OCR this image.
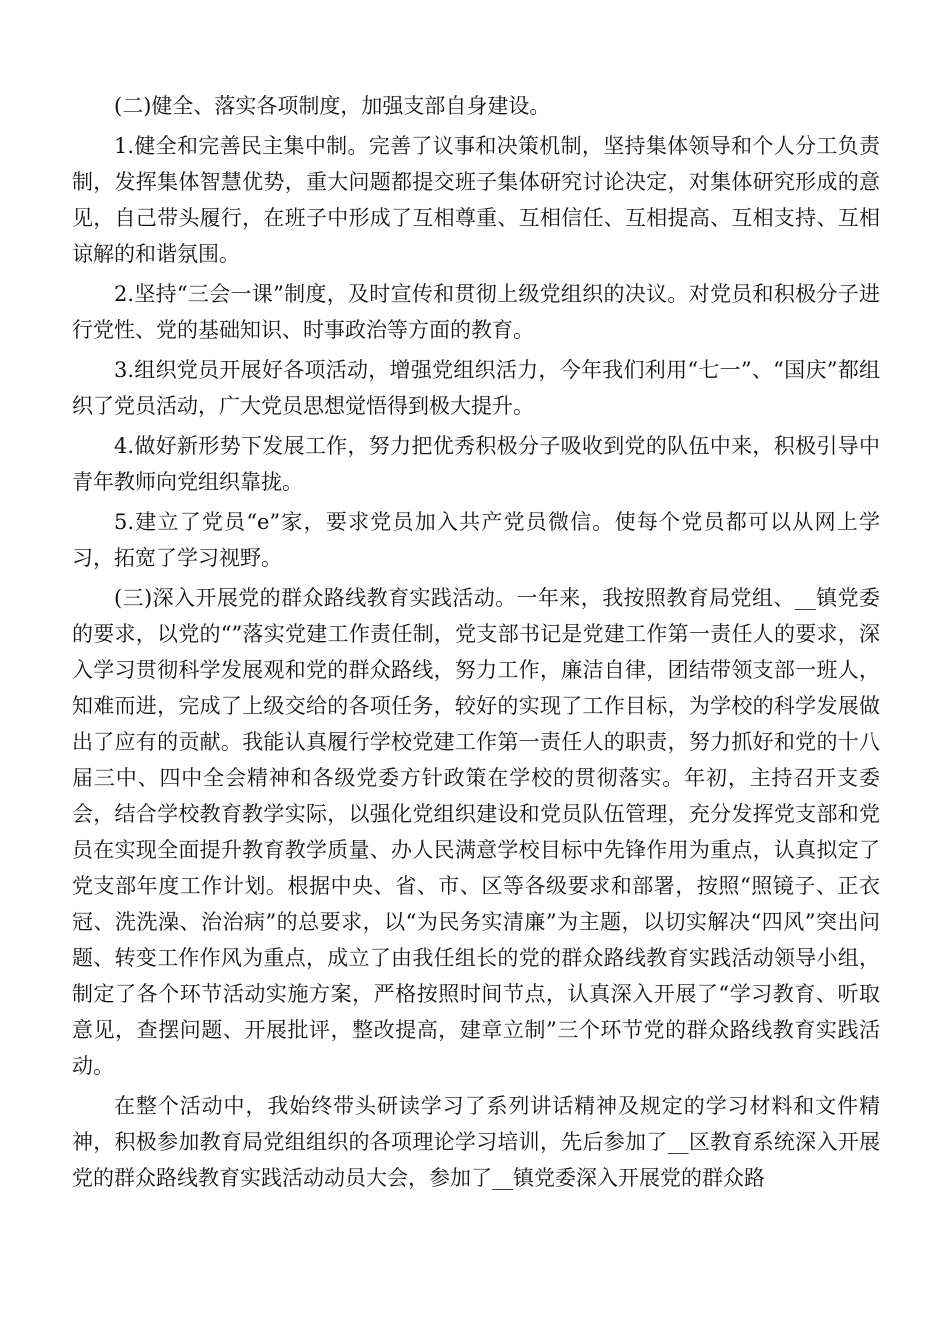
(二)健全、落实各项制度，加强支部自身建设。

1.健全和完善民主集中制。完善了议事和决策机制，坚持集体领导和个人分工负责制，发挥集体智慧优势，重大问题都提交班子集体研究讨论决定，对集体研究形成的意见，自己带头履行，在班子中形成了互相尊重、互相信任、互相提高、互相支持、互相谅解的和谐氛围。

2.坚持“三会一课”制度，及时宣传和贯彻上级党组织的决议。对党员和积极分子进行党性、党的基础知识、时事政治等方面的教育。

3.组织党员开展好各项活动，增强党组织活力，今年我们利用“七一”、“国庆”都组织了党员活动，广大党员思想觉悟得到极大提升。

4.做好新形势下发展工作，努力把优秀积极分子吸收到党的队伍中来，积极引导中青年教师向党组织靠拢。

5.建立了党员“e”家，要求党员加入共产党员微信。使每个党员都可以从网上学习，拓宽了学习视野。

(三)深入开展党的群众路线教育实践活动。一年来，我按照教育局党组、__镇党委的要求，以党的“”落实党建工作责任制，党支部书记是党建工作第一责任人的要求，深入学习贯彻科学发展观和党的群众路线，努力工作，廉洁自律，团结带领支部一班人，知难而进，完成了上级交给的各项任务，较好的实现了工作目标，为学校的科学发展做出了应有的贡献。我能认真履行学校党建工作第一责任人的职责，努力抓好和党的十八届三中、四中全会精神和各级党委方针政策在学校的贯彻落实。年初，主持召开支委会，结合学校教育教学实际，以强化党组织建设和党员队伍管理，充分发挥党支部和党员在实现全面提升教育教学质量、办人民满意学校目标中先锋作用为重点，认真拟定了党支部年度工作计划。根据中央、省、市、区等各级要求和部署，按照“照镜子、正衣冠、洗洗澡、治治病”的总要求，以“为民务实清廉”为主题，以切实解决“四风”突出问题、转变工作作风为重点，成立了由我任组长的党的群众路线教育实践活动领导小组，制定了各个环节活动实施方案，严格按照时间节点，认真深入开展了“学习教育、听取意见，查摆问题、开展批评，整改提高，建章立制”三个环节党的群众路线教育实践活动。

在整个活动中，我始终带头研读学习了系列讲话精神及规定的学习材料和文件精神，积极参加教育局党组组织的各项理论学习培训，先后参加了__区教育系统深入开展党的群众路线教育实践活动动员大会，参加了__镇党委深入开展党的群众路
